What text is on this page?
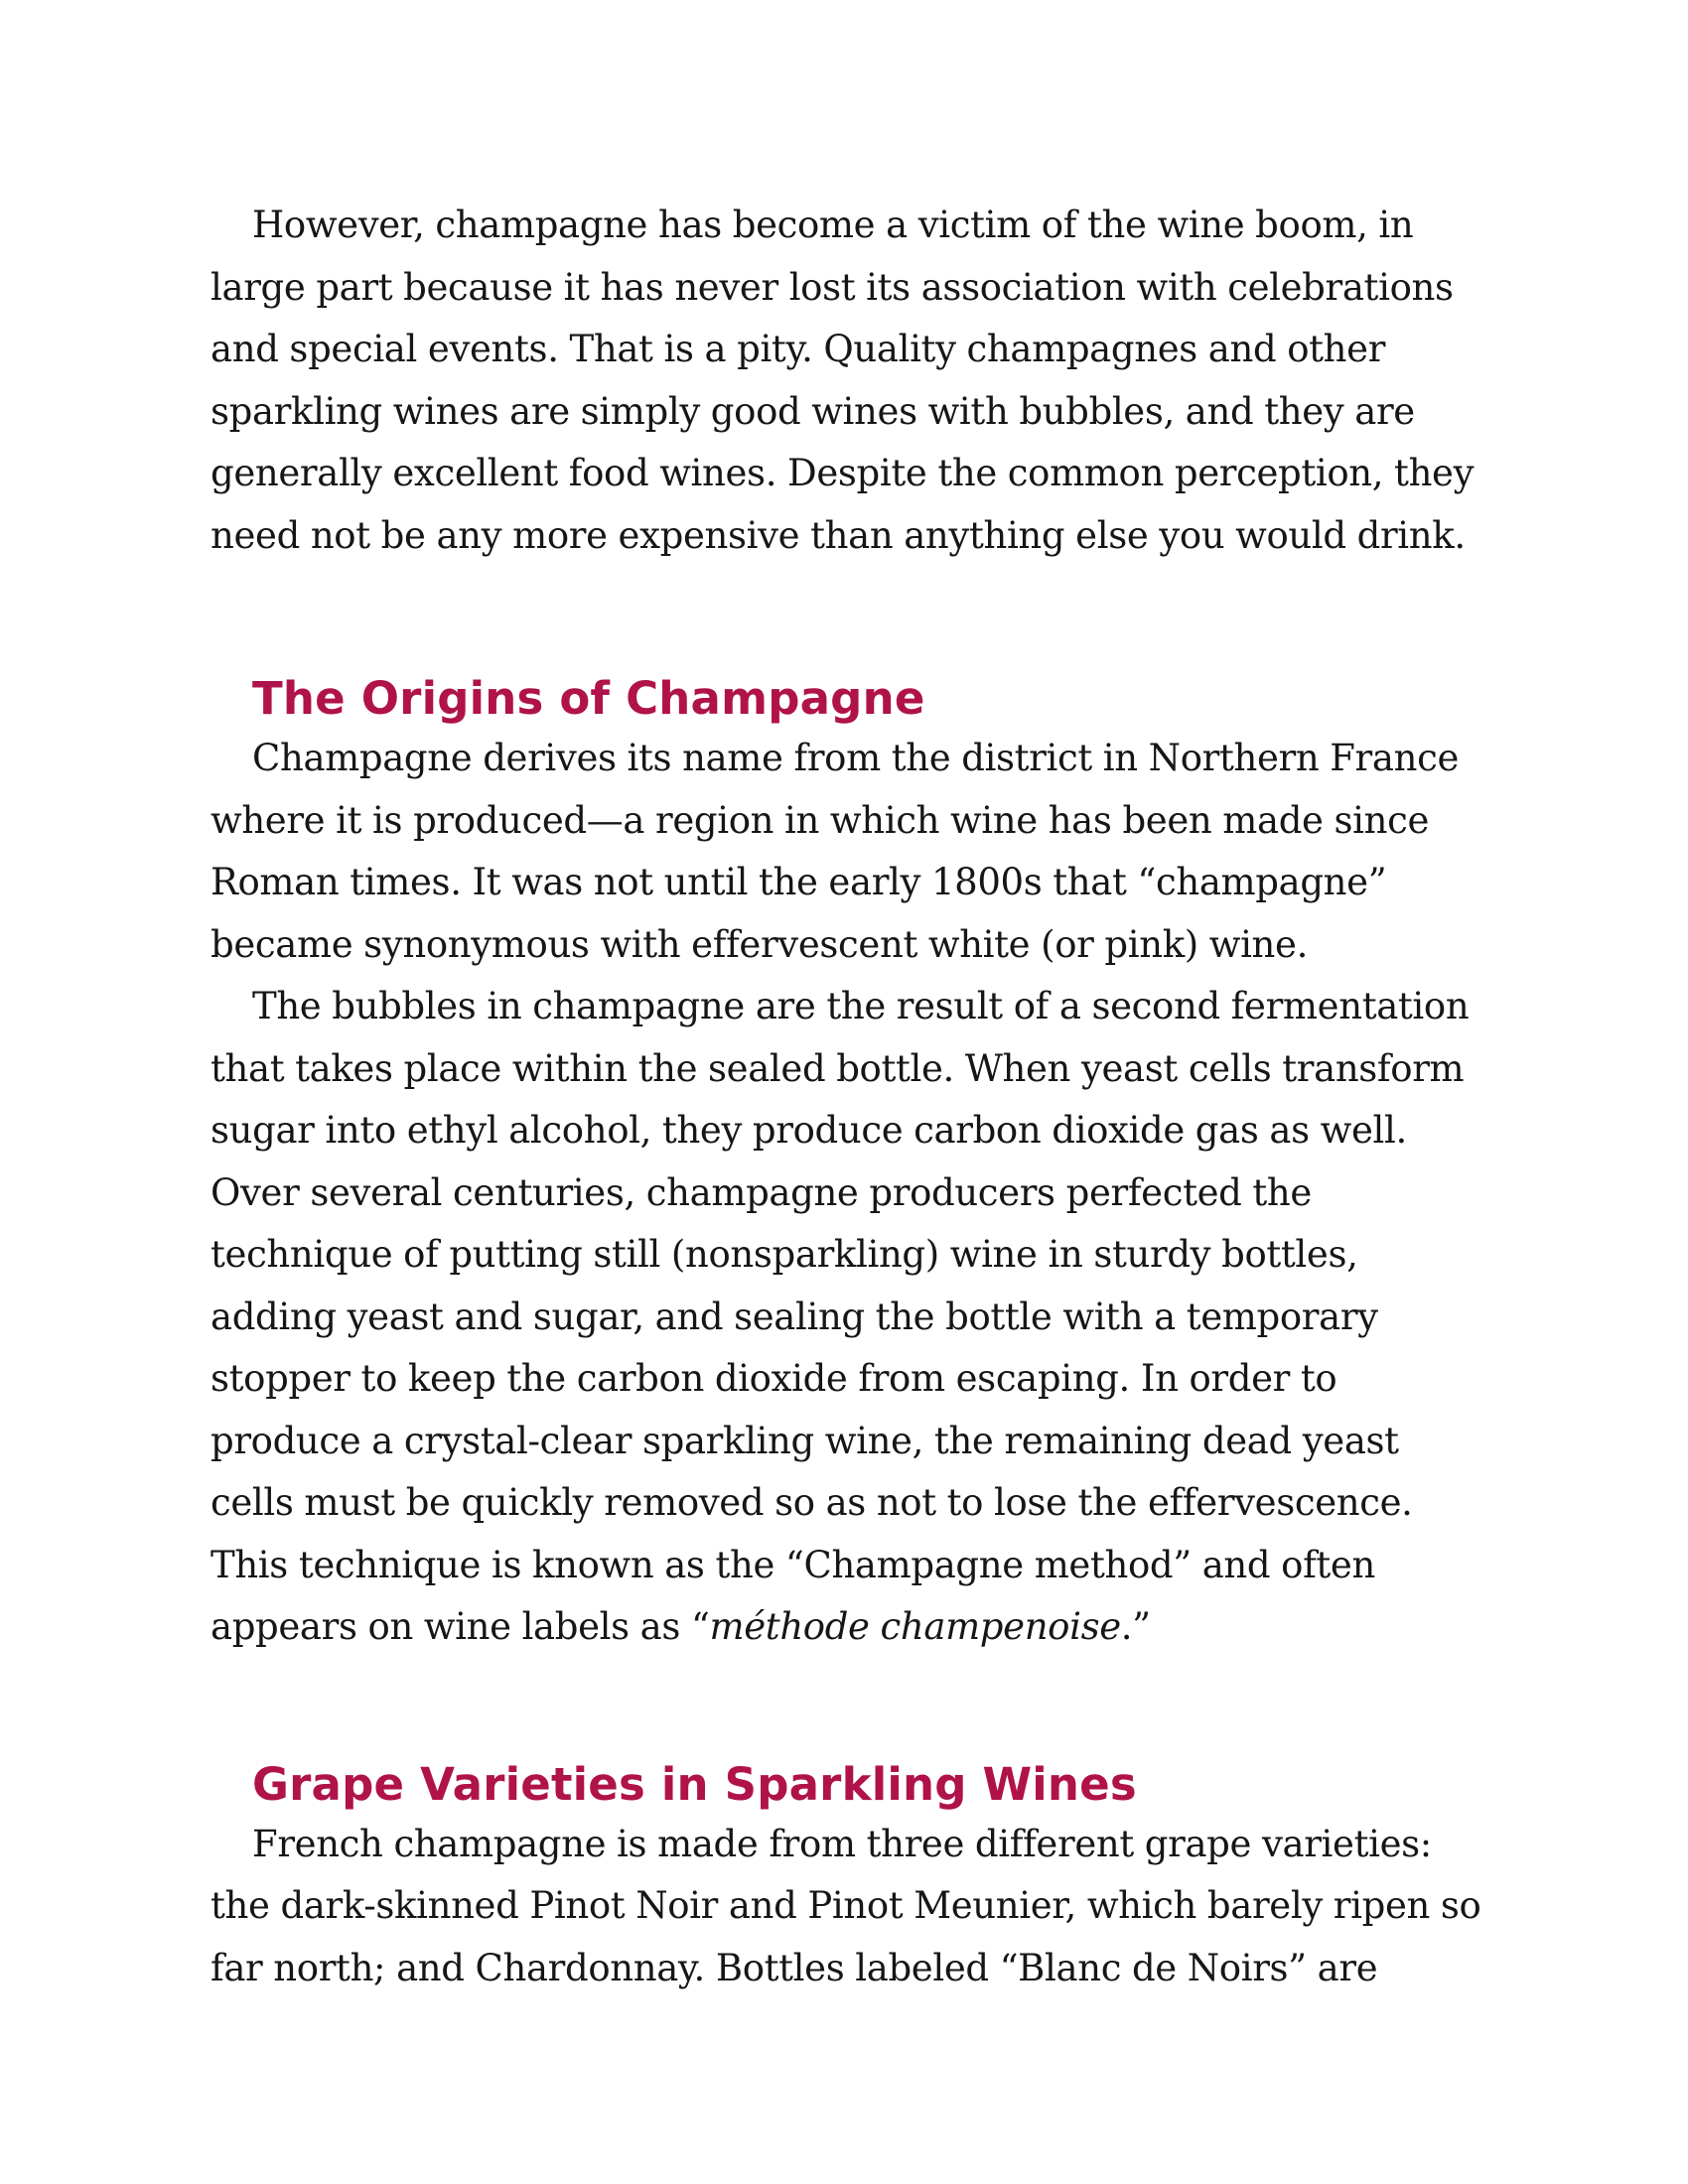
However, champagne has become a victim of the wine boom, in large part because it has never lost its association with celebrations and special events. That is a pity. Quality champagnes and other sparkling wines are simply good wines with bubbles, and they are generally excellent food wines. Despite the common perception, they need not be any more expensive than anything else you would drink.

The Origins of Champagne

Champagne derives its name from the district in Northern France where it is produced—a region in which wine has been made since Roman times. It was not until the early 1800s that “champagne” became synonymous with effervescent white (or pink) wine.

The bubbles in champagne are the result of a second fermentation that takes place within the sealed bottle. When yeast cells transform sugar into ethyl alcohol, they produce carbon dioxide gas as well. Over several centuries, champagne producers perfected the technique of putting still (nonsparkling) wine in sturdy bottles, adding yeast and sugar, and sealing the bottle with a temporary stopper to keep the carbon dioxide from escaping. In order to produce a crystal-clear sparkling wine, the remaining dead yeast cells must be quickly removed so as not to lose the effervescence. This technique is known as the “Champagne method” and often appears on wine labels as “méthode champenoise.”

Grape Varieties in Sparkling Wines

French champagne is made from three different grape varieties: the dark-skinned Pinot Noir and Pinot Meunier, which barely ripen so far north; and Chardonnay. Bottles labeled “Blanc de Noirs” are
